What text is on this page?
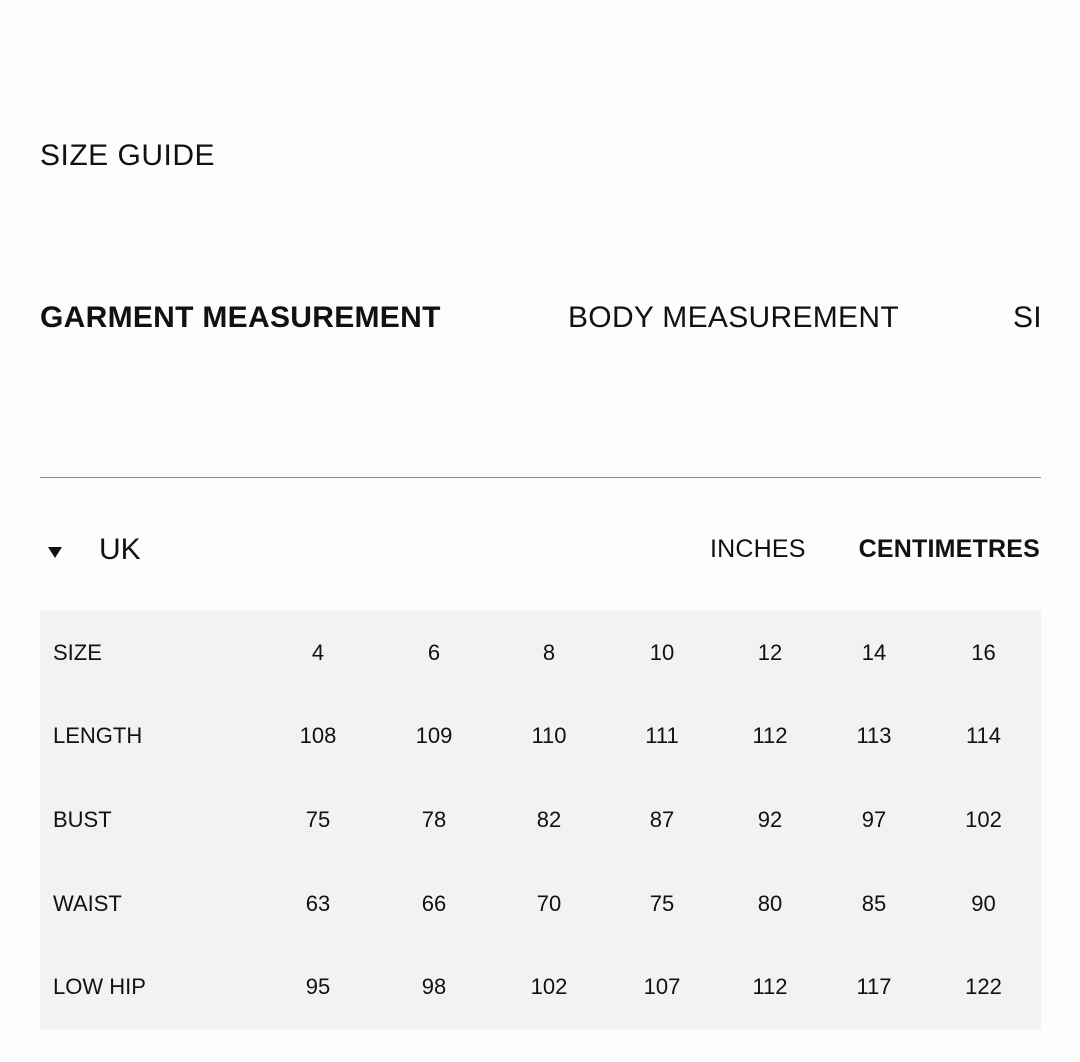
SIZE GUIDE
GARMENT MEASUREMENT	BODY MEASUREMENT	SI
UK	INCHES CENTIMETRES
SIZE	4	6	8	10	12	14	16
LENGTH	108	109	110	111	112	113	114
BUST	75	78	82	87	92	97	102
WAIST	63	66	70	75	80	85	90
LOW HIP	95	98	102	107	112	117	122
